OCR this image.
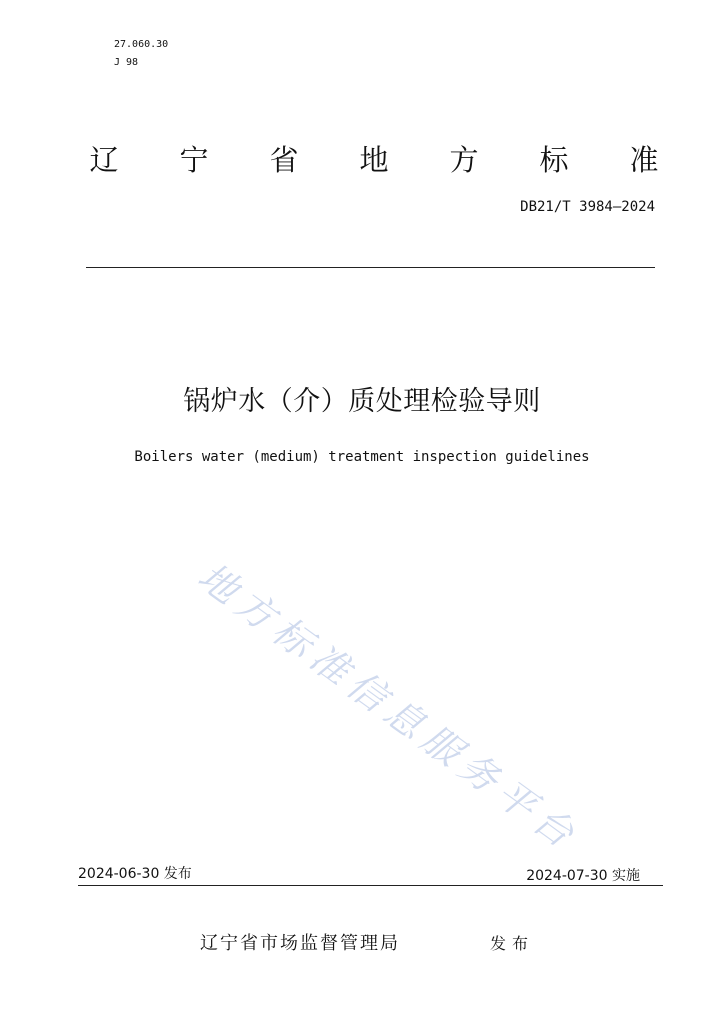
27.060.30
J 98
辽 宁 省 地 方 标 准
DB21/T 3984—2024
锅炉水（介）质处理检验导则
Boilers water (medium) treatment inspection guidelines
地方标准信息服务平台
2024-06-30 发布	2024-07-30 实施
辽宁省市场监督管理局	发布
